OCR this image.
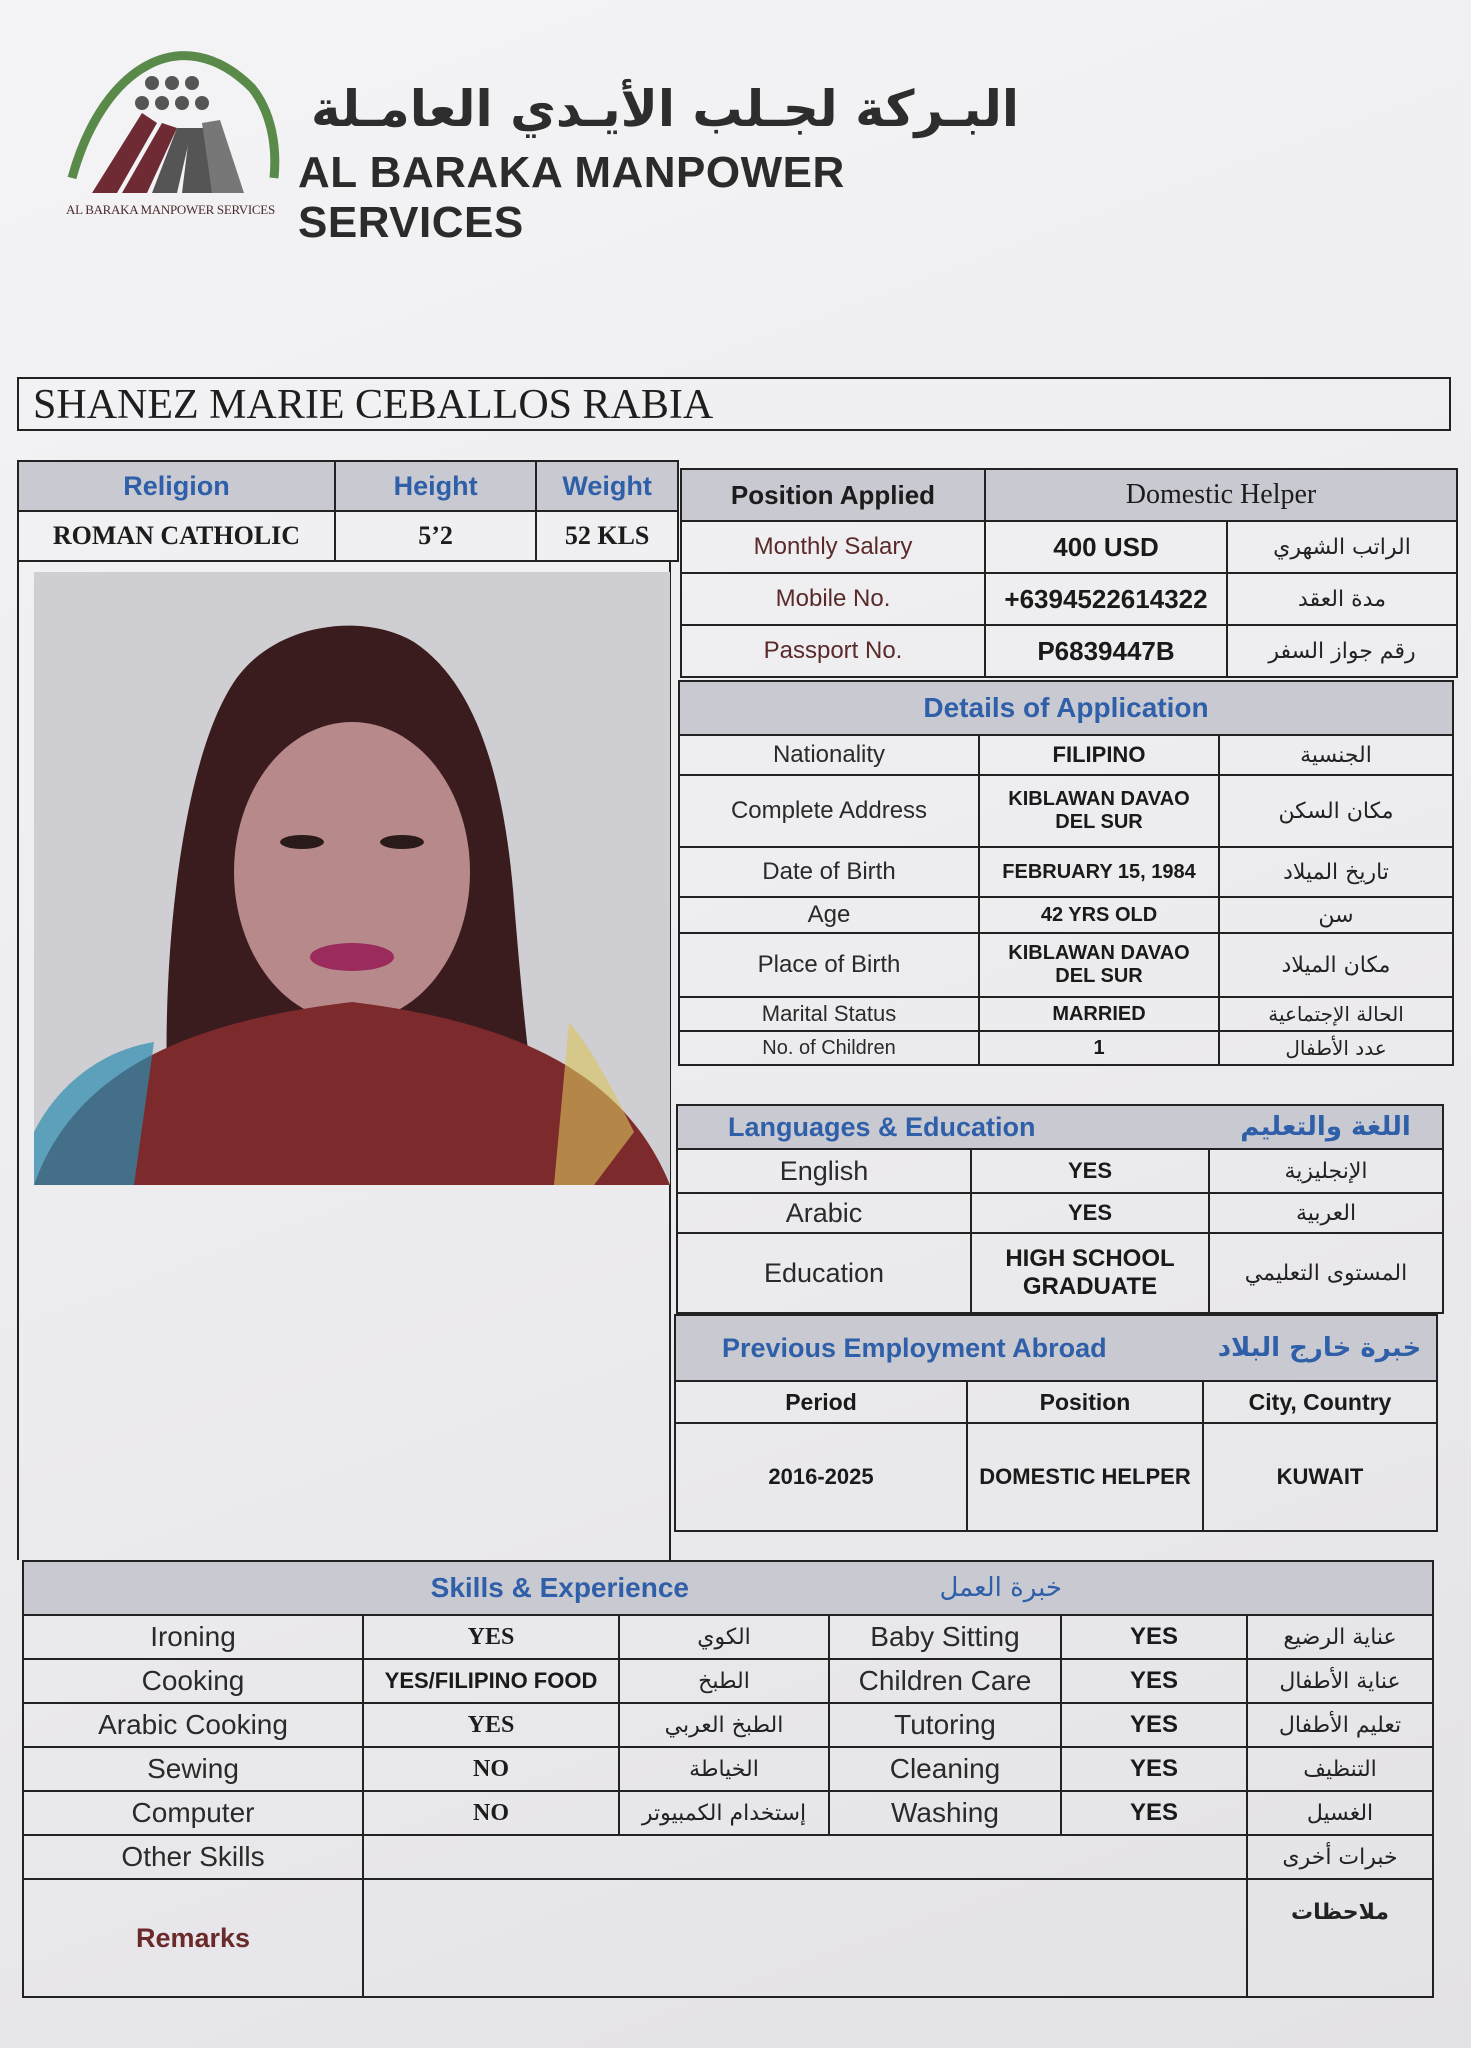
AL BARAKA MANPOWER SERVICES
البـركة لجـلب الأيـدي العامـلة
AL BARAKA MANPOWER SERVICES
SHANEZ MARIE CEBALLOS RABIA
Religion	Height	Weight
ROMAN CATHOLIC	5’2	52 KLS
Position Applied	Domestic Helper	
Monthly Salary	400 USD	الراتب الشهري
Mobile No.	+6394522614322	مدة العقد
Passport No.	P6839447B	رقم جواز السفر
Details of Application		
Nationality	FILIPINO	الجنسية
Complete Address	KIBLAWAN DAVAO DEL SUR	مكان السكن
Date of Birth	FEBRUARY 15, 1984	تاريخ الميلاد
Age	42 YRS OLD	سن
Place of Birth	KIBLAWAN DAVAO DEL SUR	مكان الميلاد
Marital Status	MARRIED	الحالة الإجتماعية
No. of Children	1	عدد الأطفال
Languages & Education		اللغة والتعليم
English	YES	الإنجليزية
Arabic	YES	العربية
Education	HIGH SCHOOL GRADUATE	المستوى التعليمي
Previous Employment Abroad		خبرة خارج البلاد
Period	Position	City, Country
2016-2025	DOMESTIC HELPER	KUWAIT
Skills & Experience			خبرة العمل		
Ironing	YES	الكوي	Baby Sitting	YES	عناية الرضيع
Cooking	YES/FILIPINO FOOD	الطبخ	Children Care	YES	عناية الأطفال
Arabic Cooking	YES	الطبخ العربي	Tutoring	YES	تعليم الأطفال
Sewing	NO	الخياطة	Cleaning	YES	التنظيف
Computer	NO	إستخدام الكمبيوتر	Washing	YES	الغسيل
Other Skills					خبرات أخرى
Remarks					ملاحظات
